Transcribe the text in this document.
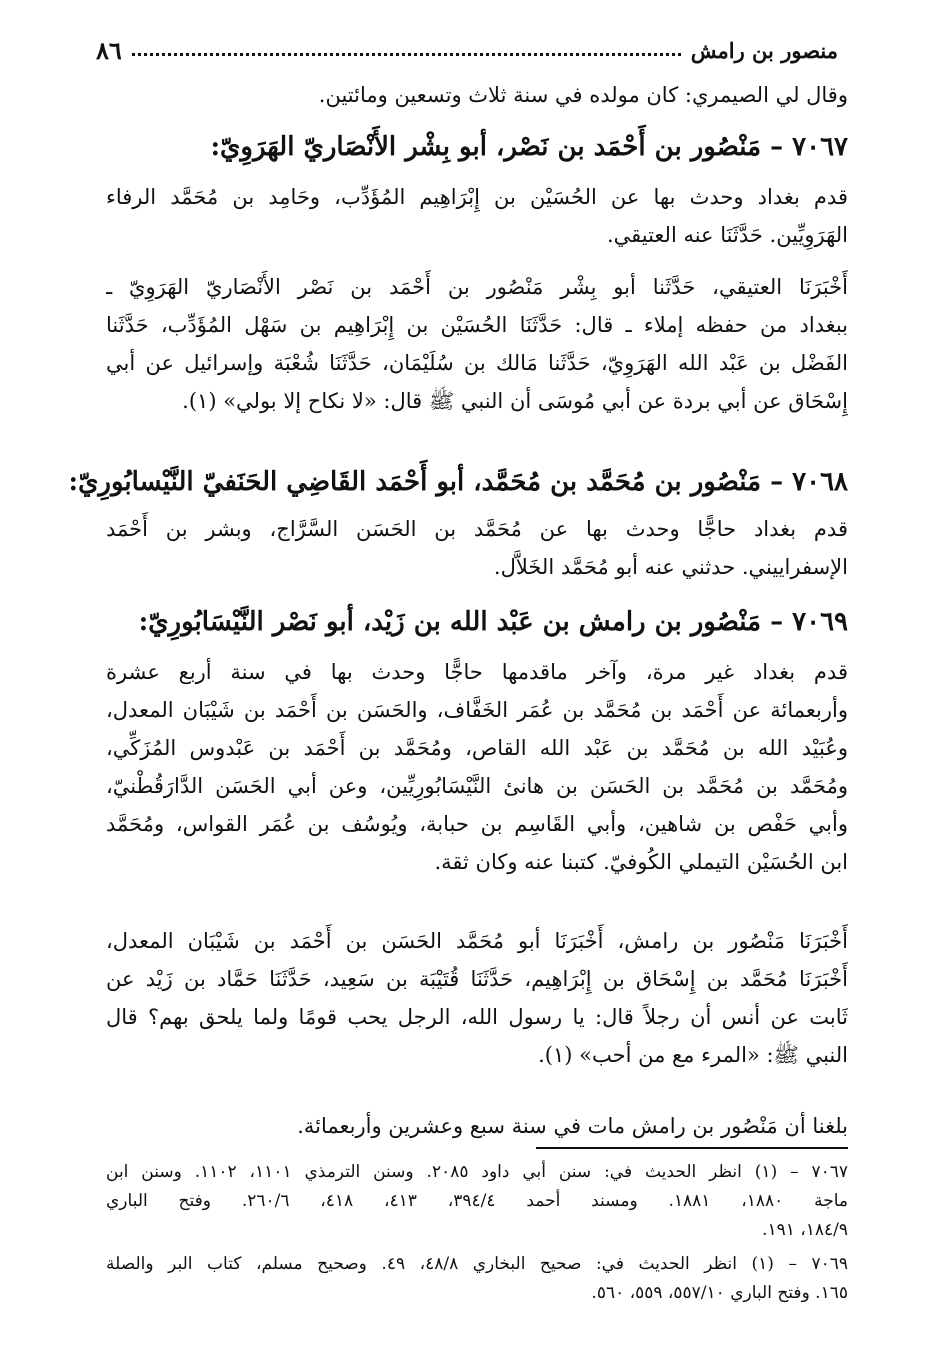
٨٦	منصور بن رامش
وقال لي الصيمري: كان مولده في سنة ثلاث وتسعين ومائتين.
٧٠٦٧ – مَنْصُور بن أَحْمَد بن نَصْر، أبو بِشْر الأَنْصَاريّ الهَرَوِيّ:
قدم بغداد وحدث بها عن الحُسَيْن بن إِبْرَاهِيم المُؤَدِّب، وحَامِد بن مُحَمَّد الرفاء
الهَرَوِيِّين. حَدَّثَنَا عنه العتيقي.
أَخْبَرَنَا العتيقي، حَدَّثَنا أبو بِشْر مَنْصُور بن أَحْمَد بن نَصْر الأَنْصَاريّ الهَرَوِيّ ـ
ببغداد من حفظه إملاء ـ قال: حَدَّثَنَا الحُسَيْن بن إِبْرَاهِيم بن سَهْل المُؤَدِّب، حَدَّثَنا
الفَضْل بن عَبْد الله الهَرَوِيّ، حَدَّثَنا مَالك بن سُلَيْمَان، حَدَّثَنَا شُعْبَة وإسرائيل عن أبي
إِسْحَاق عن أبي بردة عن أبي مُوسَى أن النبي ﷺ قال: «لا نكاح إلا بولي» (١).
٧٠٦٨ – مَنْصُور بن مُحَمَّد بن مُحَمَّد، أبو أَحْمَد القَاضِي الحَنَفيّ النَّيْسابُورِيّ:
قدم بغداد حاجًّا وحدث بها عن مُحَمَّد بن الحَسَن السَّرَّاج، وبشر بن أَحْمَد
الإسفراييني. حدثني عنه أبو مُحَمَّد الخَلاَّل.
٧٠٦٩ – مَنْصُور بن رامش بن عَبْد الله بن زَيْد، أبو نَصْر النَّيْسَابُورِيّ:
قدم بغداد غير مرة، وآخر ماقدمها حاجًّا وحدث بها في سنة أربع عشرة
وأربعمائة عن أَحْمَد بن مُحَمَّد بن عُمَر الخَفَّاف، والحَسَن بن أَحْمَد بن شَيْبَان المعدل،
وعُبَيْد الله بن مُحَمَّد بن عَبْد الله القاص، ومُحَمَّد بن أَحْمَد بن عَبْدوس المُزَكِّي،
ومُحَمَّد بن مُحَمَّد بن الحَسَن بن هانئ النَّيْسَابُورِيِّين، وعن أبي الحَسَن الدَّارَقُطْنيّ،
وأبي حَفْص بن شاهين، وأبي القَاسِم بن حبابة، ويُوسُف بن عُمَر القواس، ومُحَمَّد
ابن الحُسَيْن التيملي الكُوفيّ. كتبنا عنه وكان ثقة.
أَخْبَرَنَا مَنْصُور بن رامش، أَخْبَرَنَا أبو مُحَمَّد الحَسَن بن أَحْمَد بن شَيْبَان المعدل،
أَخْبَرَنَا مُحَمَّد بن إِسْحَاق بن إِبْرَاهِيم، حَدَّثَنَا قُتَيْبَة بن سَعِيد، حَدَّثَنَا حَمَّاد بن زَيْد عن
ثَابت عن أنس أن رجلاً قال: يا رسول الله، الرجل يحب قومًا ولما يلحق بهم؟ قال
النبي ﷺ: «المرء مع من أحب» (١).
بلغنا أن مَنْصُور بن رامش مات في سنة سبع وعشرين وأربعمائة.
٧٠٦٧ – (١) انظر الحديث في: سنن أبي داود ٢٠٨٥. وسنن الترمذي ١١٠١، ١١٠٢. وسنن ابن
ماجة ١٨٨٠، ١٨٨١. ومسند أحمد ٣٩٤/٤، ٤١٣، ٤١٨، ٢٦٠/٦. وفتح الباري
١٨٤/٩، ١٩١.
٧٠٦٩ – (١) انظر الحديث في: صحيح البخاري ٤٨/٨، ٤٩. وصحيح مسلم، كتاب البر والصلة
١٦٥. وفتح الباري ٥٥٧/١٠، ٥٥٩، ٥٦٠.
